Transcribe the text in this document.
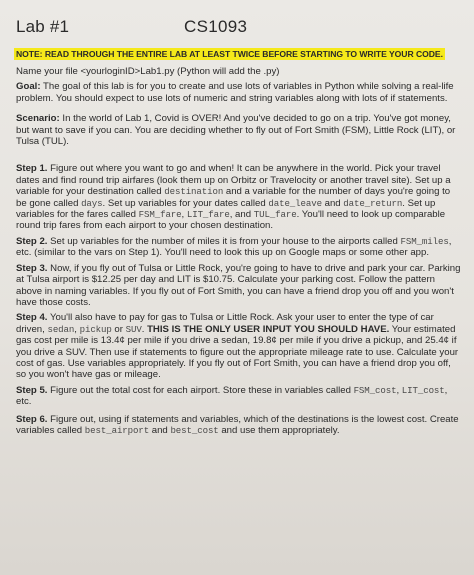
Lab #1	CS1093
NOTE: READ THROUGH THE ENTIRE LAB AT LEAST TWICE BEFORE STARTING TO WRITE YOUR CODE.

Name your file <yourloginID>Lab1.py (Python will add the .py)

Goal: The goal of this lab is for you to create and use lots of variables in Python while solving a real-life problem. You should expect to use lots of numeric and string variables along with lots of if statements.

Scenario: In the world of Lab 1, Covid is OVER! And you've decided to go on a trip. You've got money, but want to save if you can. You are deciding whether to fly out of Fort Smith (FSM), Little Rock (LIT), or Tulsa (TUL).

Step 1. Figure out where you want to go and when! It can be anywhere in the world. Pick your travel dates and find round trip airfares (look them up on Orbitz or Travelocity or another travel site). Set up a variable for your destination called destination and a variable for the number of days you're going to be gone called days. Set up variables for your dates called date_leave and date_return. Set up variables for the fares called FSM_fare, LIT_fare, and TUL_fare. You'll need to look up comparable round trip fares from each airport to your chosen destination.

Step 2. Set up variables for the number of miles it is from your house to the airports called FSM_miles, etc. (similar to the vars on Step 1). You'll need to look this up on Google maps or some other app.

Step 3. Now, if you fly out of Tulsa or Little Rock, you're going to have to drive and park your car. Parking at Tulsa airport is $12.25 per day and LIT is $10.75. Calculate your parking cost. Follow the pattern above in naming variables. If you fly out of Fort Smith, you can have a friend drop you off and you won't have those costs.

Step 4. You'll also have to pay for gas to Tulsa or Little Rock. Ask your user to enter the type of car driven, sedan, pickup or SUV. THIS IS THE ONLY USER INPUT YOU SHOULD HAVE. Your estimated gas cost per mile is 13.4¢ per mile if you drive a sedan, 19.8¢ per mile if you drive a pickup, and 25.4¢ if you drive a SUV. Then use if statements to figure out the appropriate mileage rate to use. Calculate your cost of gas. Use variables appropriately. If you fly out of Fort Smith, you can have a friend drop you off, so you won't have gas or mileage.

Step 5. Figure out the total cost for each airport. Store these in variables called FSM_cost, LIT_cost, etc.

Step 6. Figure out, using if statements and variables, which of the destinations is the lowest cost. Create variables called best_airport and best_cost and use them appropriately.
